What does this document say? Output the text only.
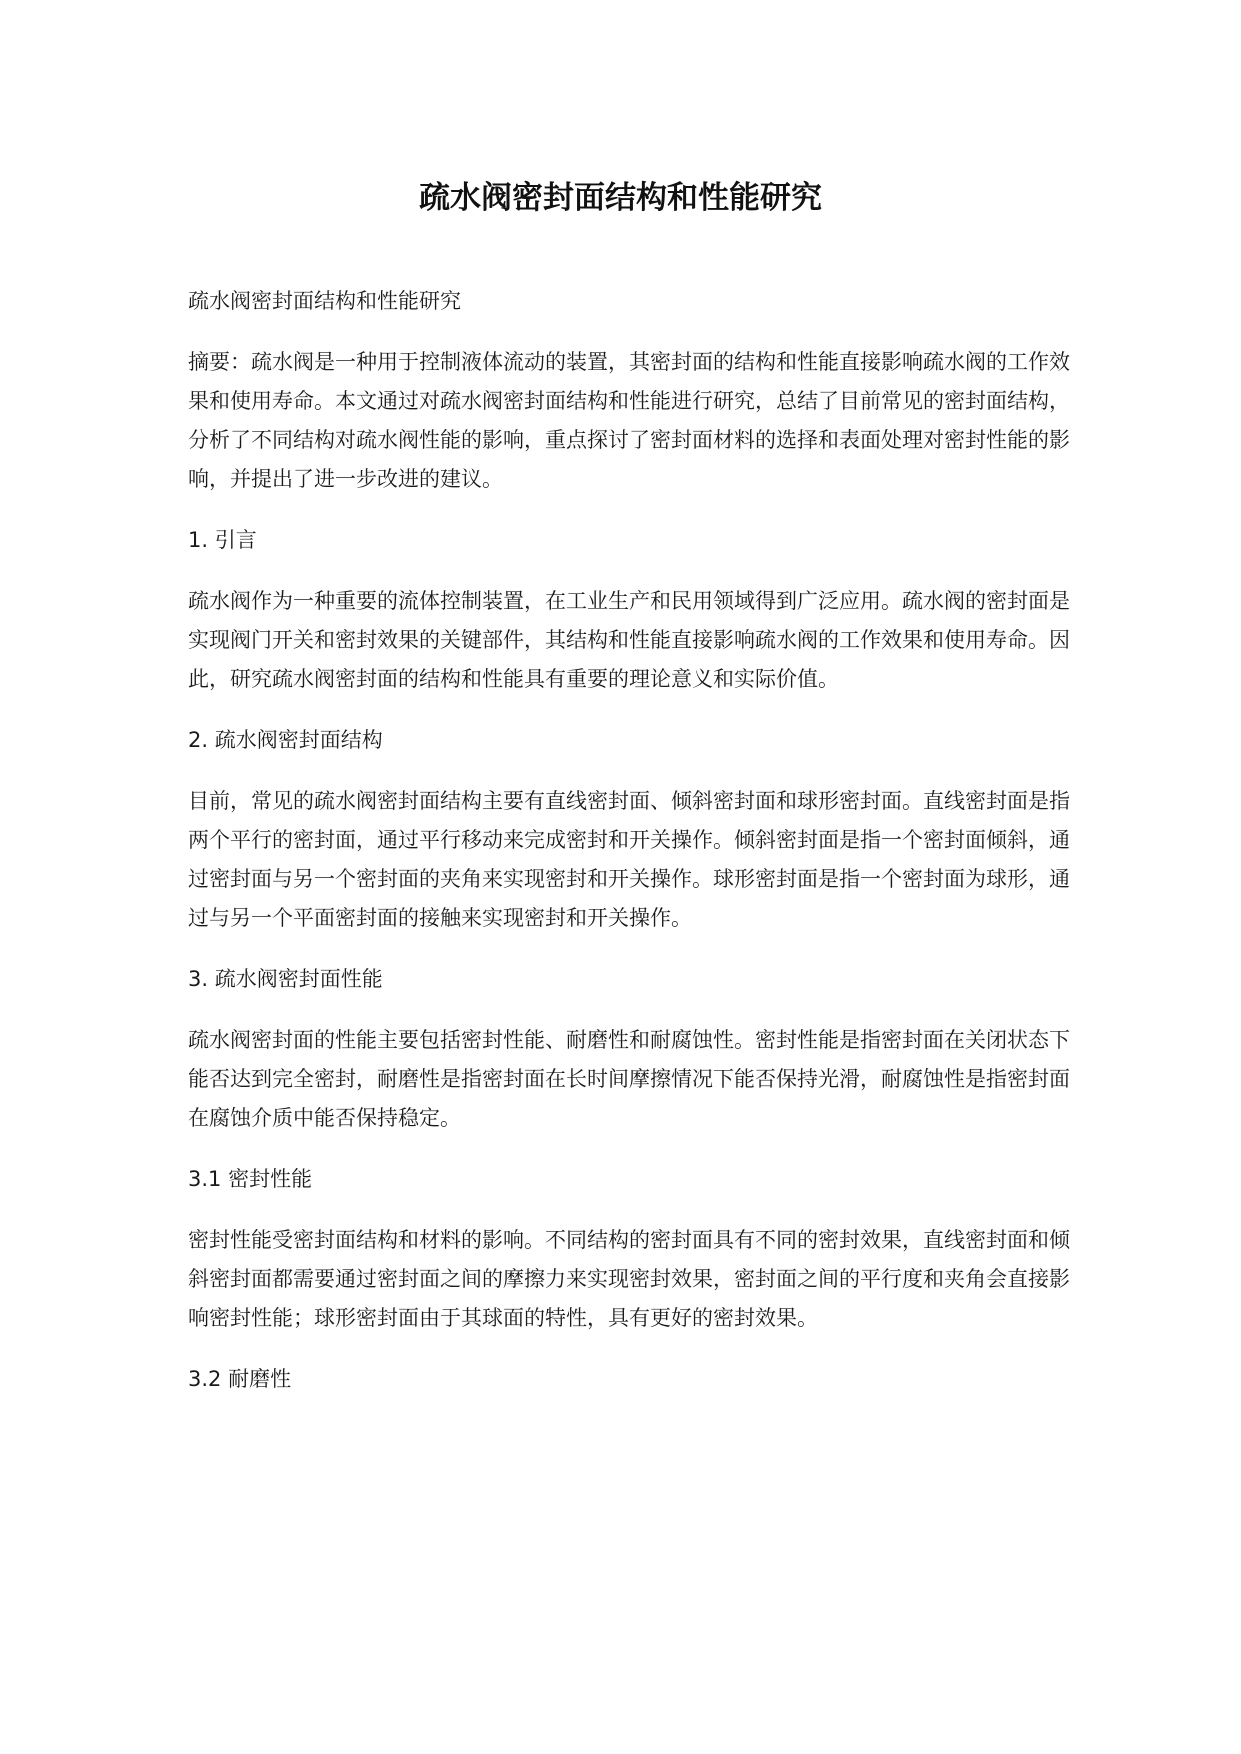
疏水阀密封面结构和性能研究

疏水阀密封面结构和性能研究

摘要：疏水阀是一种用于控制液体流动的装置，其密封面的结构和性能直接影响疏水阀的工作效果和使用寿命。本文通过对疏水阀密封面结构和性能进行研究，总结了目前常见的密封面结构，分析了不同结构对疏水阀性能的影响，重点探讨了密封面材料的选择和表面处理对密封性能的影响，并提出了进一步改进的建议。

1. 引言

疏水阀作为一种重要的流体控制装置，在工业生产和民用领域得到广泛应用。疏水阀的密封面是实现阀门开关和密封效果的关键部件，其结构和性能直接影响疏水阀的工作效果和使用寿命。因此，研究疏水阀密封面的结构和性能具有重要的理论意义和实际价值。

2. 疏水阀密封面结构

目前，常见的疏水阀密封面结构主要有直线密封面、倾斜密封面和球形密封面。直线密封面是指两个平行的密封面，通过平行移动来完成密封和开关操作。倾斜密封面是指一个密封面倾斜，通过密封面与另一个密封面的夹角来实现密封和开关操作。球形密封面是指一个密封面为球形，通过与另一个平面密封面的接触来实现密封和开关操作。

3. 疏水阀密封面性能

疏水阀密封面的性能主要包括密封性能、耐磨性和耐腐蚀性。密封性能是指密封面在关闭状态下能否达到完全密封，耐磨性是指密封面在长时间摩擦情况下能否保持光滑，耐腐蚀性是指密封面在腐蚀介质中能否保持稳定。

3.1 密封性能

密封性能受密封面结构和材料的影响。不同结构的密封面具有不同的密封效果，直线密封面和倾斜密封面都需要通过密封面之间的摩擦力来实现密封效果，密封面之间的平行度和夹角会直接影响密封性能；球形密封面由于其球面的特性，具有更好的密封效果。

3.2 耐磨性
